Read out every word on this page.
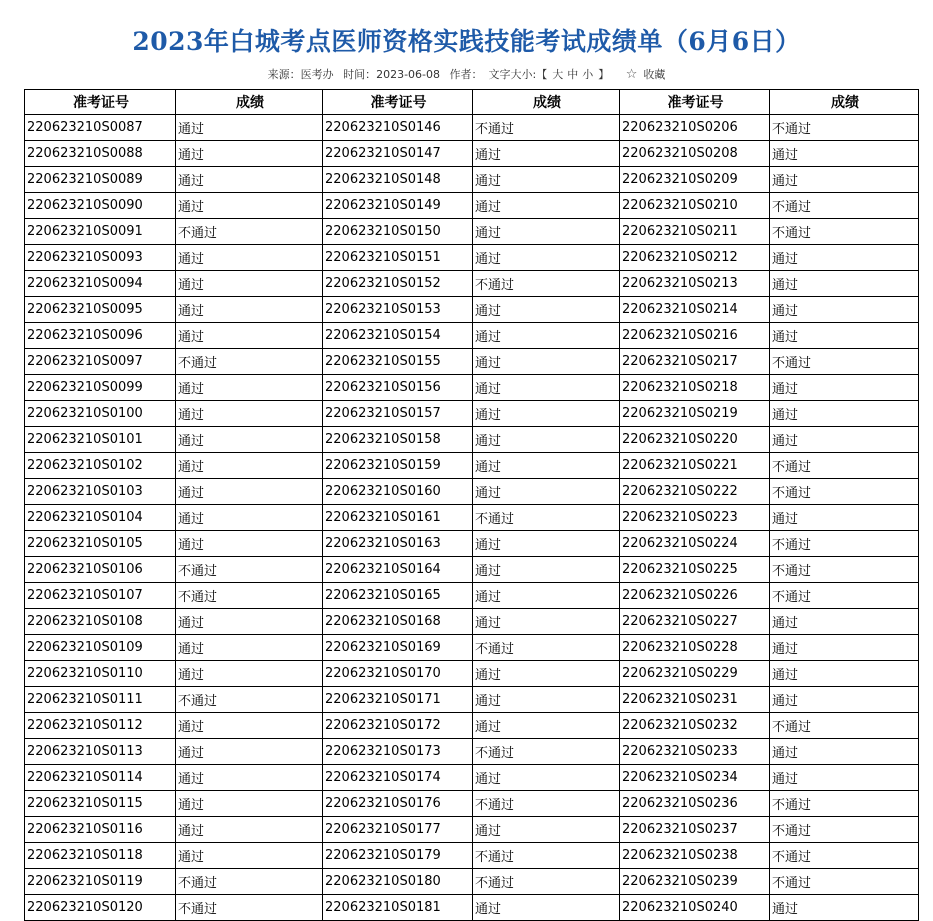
2023年白城考点医师资格实践技能考试成绩单（6月6日）
来源：医考办 时间：2023-06-08 作者： 文字大小:【 大 中 小 】 ☆ 收藏
准考证号	成绩	准考证号	成绩	准考证号	成绩
220623210S0087	通过	220623210S0146	不通过	220623210S0206	不通过
220623210S0088	通过	220623210S0147	通过	220623210S0208	通过
220623210S0089	通过	220623210S0148	通过	220623210S0209	通过
220623210S0090	通过	220623210S0149	通过	220623210S0210	不通过
220623210S0091	不通过	220623210S0150	通过	220623210S0211	不通过
220623210S0093	通过	220623210S0151	通过	220623210S0212	通过
220623210S0094	通过	220623210S0152	不通过	220623210S0213	通过
220623210S0095	通过	220623210S0153	通过	220623210S0214	通过
220623210S0096	通过	220623210S0154	通过	220623210S0216	通过
220623210S0097	不通过	220623210S0155	通过	220623210S0217	不通过
220623210S0099	通过	220623210S0156	通过	220623210S0218	通过
220623210S0100	通过	220623210S0157	通过	220623210S0219	通过
220623210S0101	通过	220623210S0158	通过	220623210S0220	通过
220623210S0102	通过	220623210S0159	通过	220623210S0221	不通过
220623210S0103	通过	220623210S0160	通过	220623210S0222	不通过
220623210S0104	通过	220623210S0161	不通过	220623210S0223	通过
220623210S0105	通过	220623210S0163	通过	220623210S0224	不通过
220623210S0106	不通过	220623210S0164	通过	220623210S0225	不通过
220623210S0107	不通过	220623210S0165	通过	220623210S0226	不通过
220623210S0108	通过	220623210S0168	通过	220623210S0227	通过
220623210S0109	通过	220623210S0169	不通过	220623210S0228	通过
220623210S0110	通过	220623210S0170	通过	220623210S0229	通过
220623210S0111	不通过	220623210S0171	通过	220623210S0231	通过
220623210S0112	通过	220623210S0172	通过	220623210S0232	不通过
220623210S0113	通过	220623210S0173	不通过	220623210S0233	通过
220623210S0114	通过	220623210S0174	通过	220623210S0234	通过
220623210S0115	通过	220623210S0176	不通过	220623210S0236	不通过
220623210S0116	通过	220623210S0177	通过	220623210S0237	不通过
220623210S0118	通过	220623210S0179	不通过	220623210S0238	不通过
220623210S0119	不通过	220623210S0180	不通过	220623210S0239	不通过
220623210S0120	不通过	220623210S0181	通过	220623210S0240	通过
